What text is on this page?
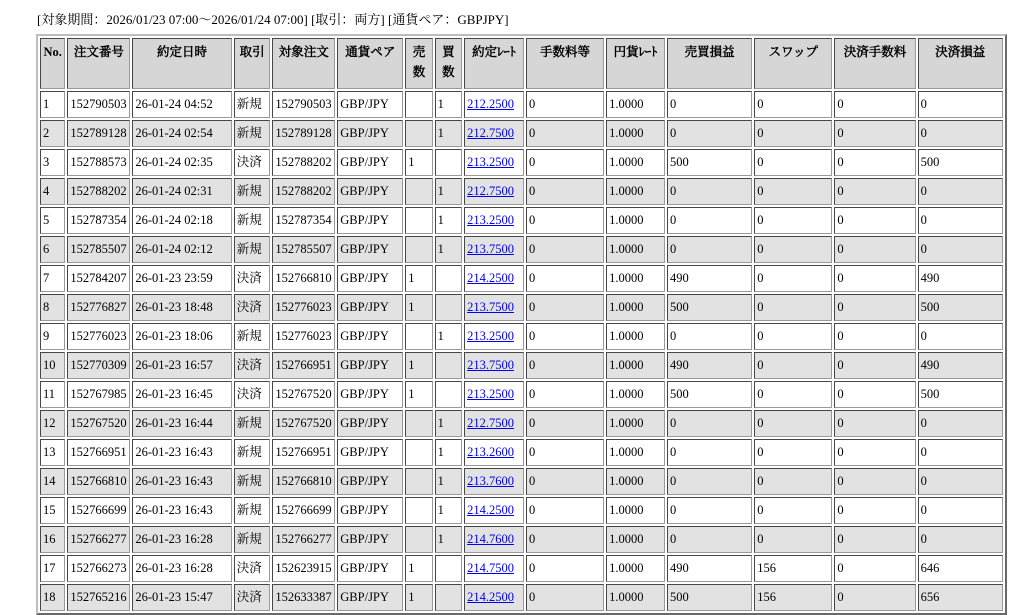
[対象期間：2026/01/23 07:00～2026/01/24 07:00] [取引：両方] [通貨ペア：GBPJPY]
No.	注文番号	約定日時	取引	対象注文	通貨ペア	売
数	買
数	約定ﾚｰﾄ	手数料等	円貨ﾚｰﾄ	売買損益	スワップ	決済手数料	決済損益
1	152790503	26-01-24 04:52	新規	152790503	GBP/JPY		1	212.2500	0	1.0000	0	0	0	0
2	152789128	26-01-24 02:54	新規	152789128	GBP/JPY		1	212.7500	0	1.0000	0	0	0	0
3	152788573	26-01-24 02:35	決済	152788202	GBP/JPY	1		213.2500	0	1.0000	500	0	0	500
4	152788202	26-01-24 02:31	新規	152788202	GBP/JPY		1	212.7500	0	1.0000	0	0	0	0
5	152787354	26-01-24 02:18	新規	152787354	GBP/JPY		1	213.2500	0	1.0000	0	0	0	0
6	152785507	26-01-24 02:12	新規	152785507	GBP/JPY		1	213.7500	0	1.0000	0	0	0	0
7	152784207	26-01-23 23:59	決済	152766810	GBP/JPY	1		214.2500	0	1.0000	490	0	0	490
8	152776827	26-01-23 18:48	決済	152776023	GBP/JPY	1		213.7500	0	1.0000	500	0	0	500
9	152776023	26-01-23 18:06	新規	152776023	GBP/JPY		1	213.2500	0	1.0000	0	0	0	0
10	152770309	26-01-23 16:57	決済	152766951	GBP/JPY	1		213.7500	0	1.0000	490	0	0	490
11	152767985	26-01-23 16:45	決済	152767520	GBP/JPY	1		213.2500	0	1.0000	500	0	0	500
12	152767520	26-01-23 16:44	新規	152767520	GBP/JPY		1	212.7500	0	1.0000	0	0	0	0
13	152766951	26-01-23 16:43	新規	152766951	GBP/JPY		1	213.2600	0	1.0000	0	0	0	0
14	152766810	26-01-23 16:43	新規	152766810	GBP/JPY		1	213.7600	0	1.0000	0	0	0	0
15	152766699	26-01-23 16:43	新規	152766699	GBP/JPY		1	214.2500	0	1.0000	0	0	0	0
16	152766277	26-01-23 16:28	新規	152766277	GBP/JPY		1	214.7600	0	1.0000	0	0	0	0
17	152766273	26-01-23 16:28	決済	152623915	GBP/JPY	1		214.7500	0	1.0000	490	156	0	646
18	152765216	26-01-23 15:47	決済	152633387	GBP/JPY	1		214.2500	0	1.0000	500	156	0	656
